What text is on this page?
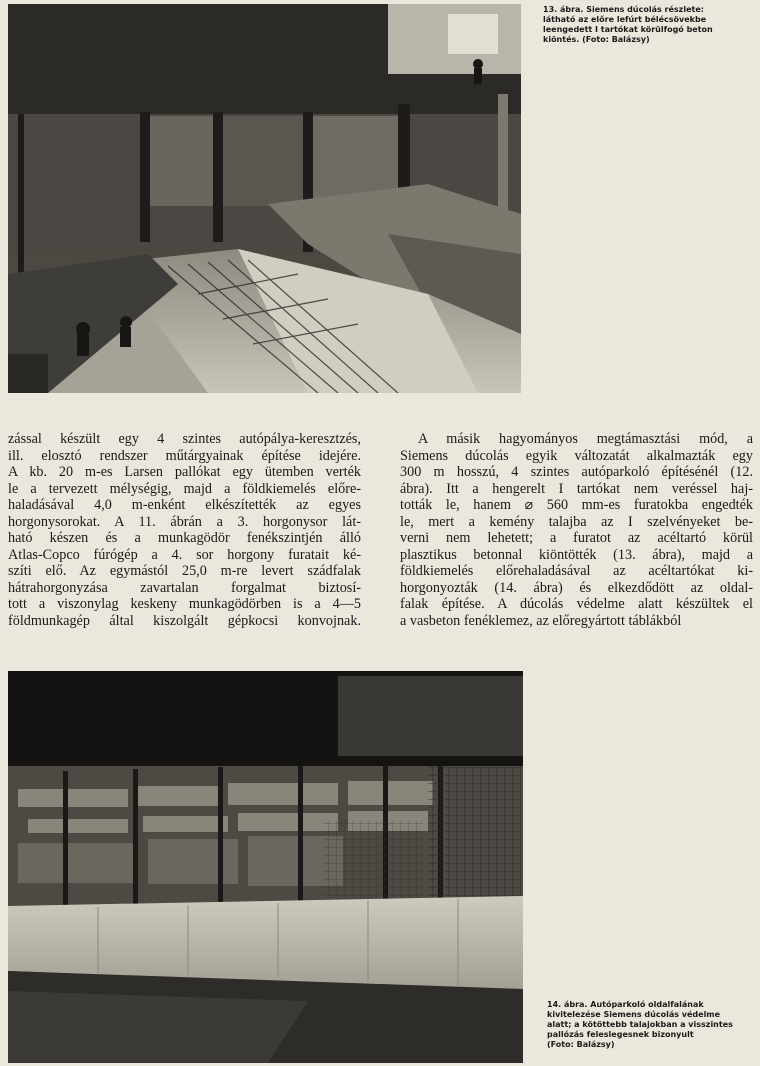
13. ábra. Siemens dúcolás részlete:
látható az előre lefúrt bélécsövekbe
leengedett I tartókat körülfogó beton
kiöntés. (Foto: Balázsy)
zással készült egy 4 szintes autópálya-keresztzés,
ill. elosztó rendszer műtárgyainak építése idejére.
A kb. 20 m-es Larsen pallókat egy ütemben verték
le a tervezett mélységig, majd a földkiemelés előre-
haladásával 4,0 m-enként elkészítették az egyes
horgonysorokat. A 11. ábrán a 3. horgonysor lát-
ható készen és a munkagödör fenékszintjén álló
Atlas-Copco fúrógép a 4. sor horgony furatait ké-
szíti elő. Az egymástól 25,0 m-re levert szádfalak
hátrahorgonyzása zavartalan forgalmat biztosí-
tott a viszonylag keskeny munkagödörben is a 4—5
földmunkagép által kiszolgált gépkocsi konvojnak.
A másik hagyományos megtámasztási mód, a
Siemens dúcolás egyik változatát alkalmazták egy
300 m hosszú, 4 szintes autóparkoló építésénél (12.
ábra). Itt a hengerelt I tartókat nem veréssel haj-
tották le, hanem ⌀ 560 mm-es furatokba engedték
le, mert a kemény talajba az I szelvényeket be-
verni nem lehetett; a furatot az acéltartó körül
plasztikus betonnal kiöntötték (13. ábra), majd a
földkiemelés előrehaladásával az acéltartókat ki-
horgonyozták (14. ábra) és elkezdődött az oldal-
falak építése. A dúcolás védelme alatt készültek el
a vasbeton fenéklemez, az előregyártott táblákból
14. ábra. Autóparkoló oldalfalának
kivitelezése Siemens dúcolás védelme
alatt; a kötöttebb talajokban a visszintes
pallózás feleslegesnek bizonyult
(Foto: Balázsy)
